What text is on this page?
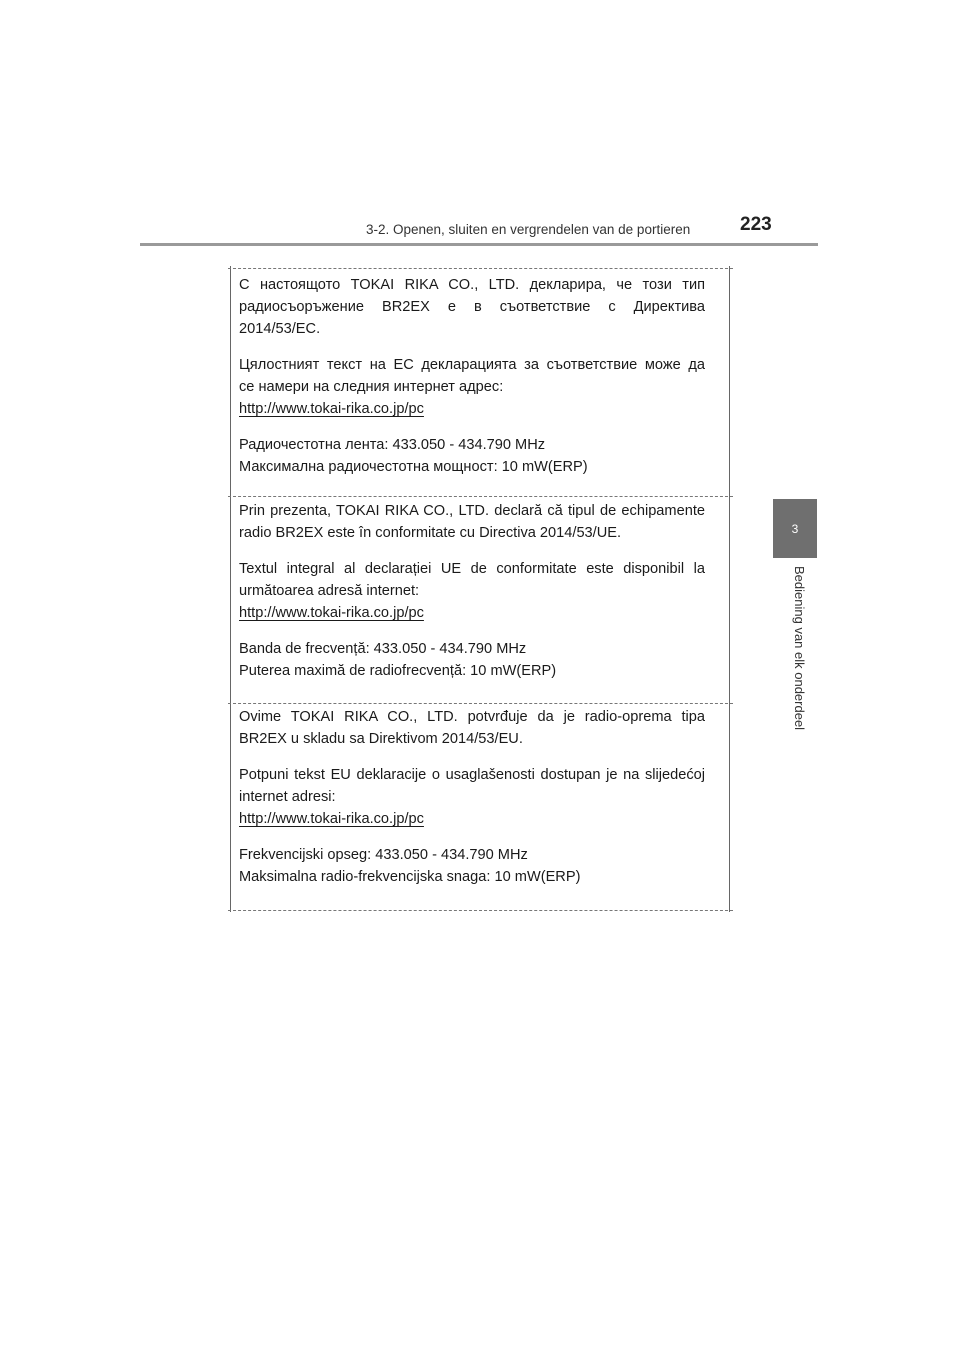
3-2. Openen, sluiten en vergrendelen van de portieren	223
3
Bediening van elk onderdeel

С настоящото TOKAI RIKA CO., LTD. декларира, че този тип

радиосъоръжение BR2EX е в съответствие с Директива

2014/53/ЕС.

Цялостният текст на ЕС декларацията за съответствие може да

се намери на следния интернет адрес:

http://www.tokai-rika.co.jp/pc

Радиочестотна лента: 433.050 - 434.790 MHz

Максимална радиочестотна мощност: 10 mW(ERP)

Prin prezenta, TOKAI RIKA CO., LTD. declară că tipul de echipamente

radio BR2EX este în conformitate cu Directiva 2014/53/UE.

Textul integral al declarației UE de conformitate este disponibil la

următoarea adresă internet:

http://www.tokai-rika.co.jp/pc

Banda de frecvență: 433.050 - 434.790 MHz

Puterea maximă de radiofrecvență: 10 mW(ERP)

Ovime TOKAI RIKA CO., LTD. potvrđuje da je radio-oprema tipa

BR2EX u skladu sa Direktivom 2014/53/EU.

Potpuni tekst EU deklaracije o usaglašenosti dostupan je na slijedećoj

internet adresi:

http://www.tokai-rika.co.jp/pc

Frekvencijski opseg: 433.050 - 434.790 MHz

Maksimalna radio-frekvencijska snaga: 10 mW(ERP)
